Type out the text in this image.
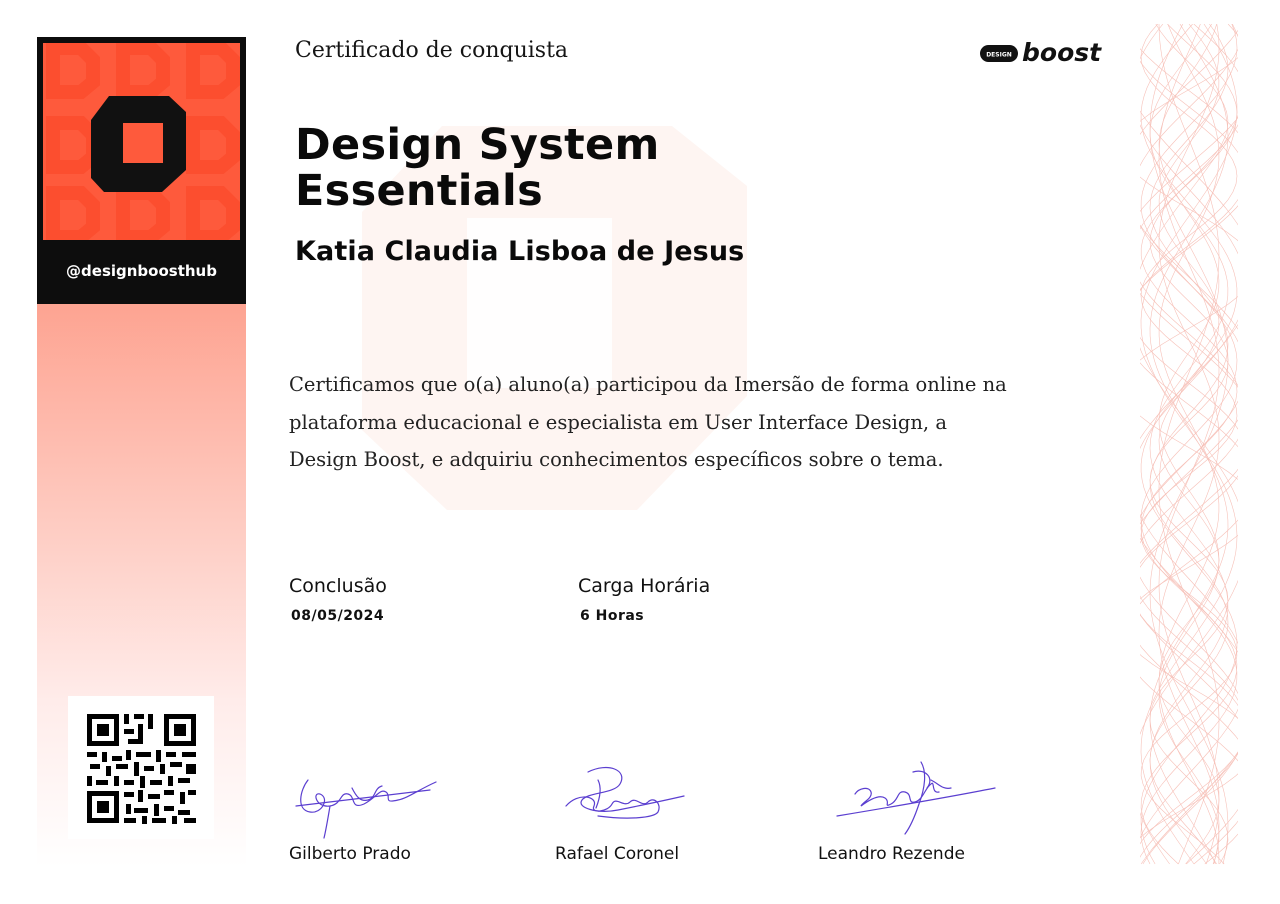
@designboosthub
Certificado de conquista	DESIGN boost
Design System
Essentials
Katia Claudia Lisboa de Jesus
Certificamos que o(a) aluno(a) participou da Imersão de forma online na
plataforma educacional e especialista em User Interface Design, a
Design Boost, e adquiriu conhecimentos específicos sobre o tema.
Conclusão
08/05/2024
Carga Horária
6 Horas
Gilberto Prado	Rafael Coronel	Leandro Rezende
